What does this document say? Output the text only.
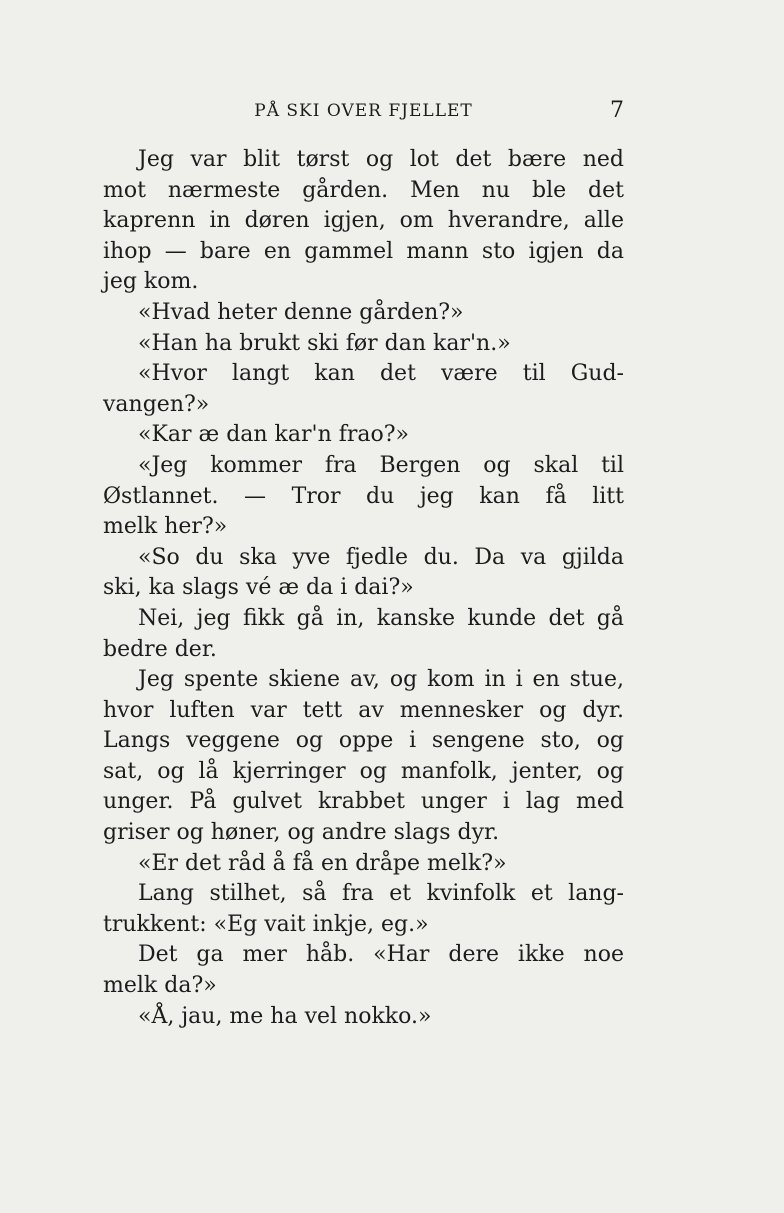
PÅ SKI OVER FJELLET	7
Jeg var blit tørst og lot det bære ned
mot nærmeste gården. Men nu ble det
kaprenn in døren igjen, om hverandre, alle
ihop — bare en gammel mann sto igjen da
jeg kom.
«Hvad heter denne gården?»
«Han ha brukt ski før dan kar'n.»
«Hvor langt kan det være til Gud-
vangen?»
«Kar æ dan kar'n frao?»
«Jeg kommer fra Bergen og skal til
Østlannet. — Tror du jeg kan få litt
melk her?»
«So du ska yve fjedle du. Da va gjilda
ski, ka slags vé æ da i dai?»
Nei, jeg fikk gå in, kanske kunde det gå
bedre der.
Jeg spente skiene av, og kom in i en stue,
hvor luften var tett av mennesker og dyr.
Langs veggene og oppe i sengene sto, og
sat, og lå kjerringer og manfolk, jenter, og
unger. På gulvet krabbet unger i lag med
griser og høner, og andre slags dyr.
«Er det råd å få en dråpe melk?»
Lang stilhet, så fra et kvinfolk et lang-
trukkent: «Eg vait inkje, eg.»
Det ga mer håb. «Har dere ikke noe
melk da?»
«Å, jau, me ha vel nokko.»
